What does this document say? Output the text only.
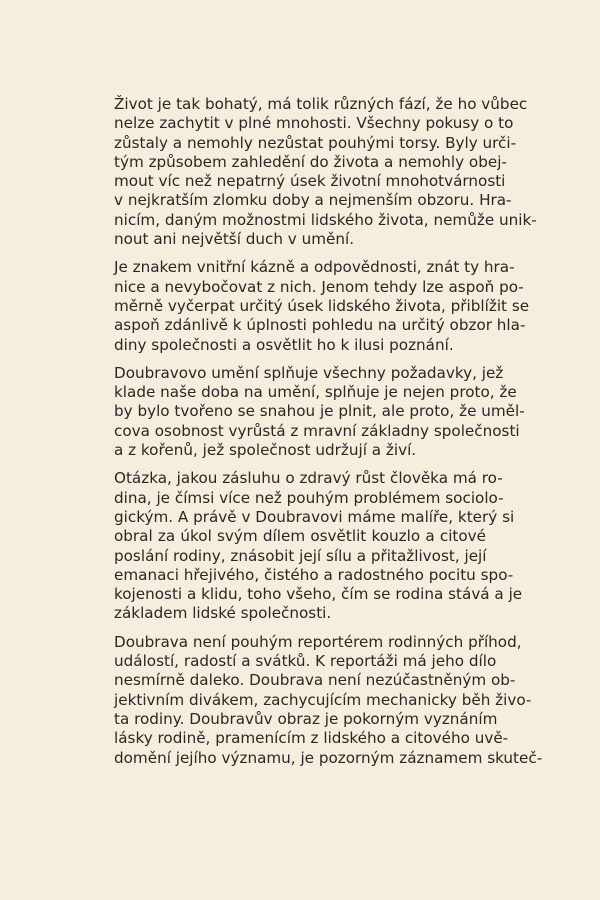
Život je tak bohatý, má tolik různých fází, že ho vůbec
nelze zachytit v plné mnohosti. Všechny pokusy o to
zůstaly a nemohly nezůstat pouhými torsy. Byly urči-
tým způsobem zahledění do života a nemohly obej-
mout víc než nepatrný úsek životní mnohotvárnosti
v nejkratším zlomku doby a nejmenším obzoru. Hra-
nicím, daným možnostmi lidského života, nemůže unik-
nout ani největší duch v umění.
Je znakem vnitřní kázně a odpovědnosti, znát ty hra-
nice a nevybočovat z nich. Jenom tehdy lze aspoň po-
měrně vyčerpat určitý úsek lidského života, přiblížit se
aspoň zdánlivě k úplnosti pohledu na určitý obzor hla-
diny společnosti a osvětlit ho k ilusi poznání.
Doubravovo umění splňuje všechny požadavky, jež
klade naše doba na umění, splňuje je nejen proto, že
by bylo tvořeno se snahou je plnit, ale proto, že uměl-
cova osobnost vyrůstá z mravní základny společnosti
a z kořenů, jež společnost udržují a živí.
Otázka, jakou zásluhu o zdravý růst člověka má ro-
dina, je čímsi více než pouhým problémem sociolo-
gickým. A právě v Doubravovi máme malíře, který si
obral za úkol svým dílem osvětlit kouzlo a citové
poslání rodiny, znásobit její sílu a přitažlivost, její
emanaci hřejivého, čistého a radostného pocitu spo-
kojenosti a klidu, toho všeho, čím se rodina stává a je
základem lidské společnosti.
Doubrava není pouhým reportérem rodinných příhod,
událostí, radostí a svátků. K reportáži má jeho dílo
nesmírně daleko. Doubrava není nezúčastněným ob-
jektivním divákem, zachycujícím mechanicky běh živo-
ta rodiny. Doubravův obraz je pokorným vyznáním
lásky rodině, pramenícím z lidského a citového uvě-
domění jejího významu, je pozorným záznamem skuteč-
